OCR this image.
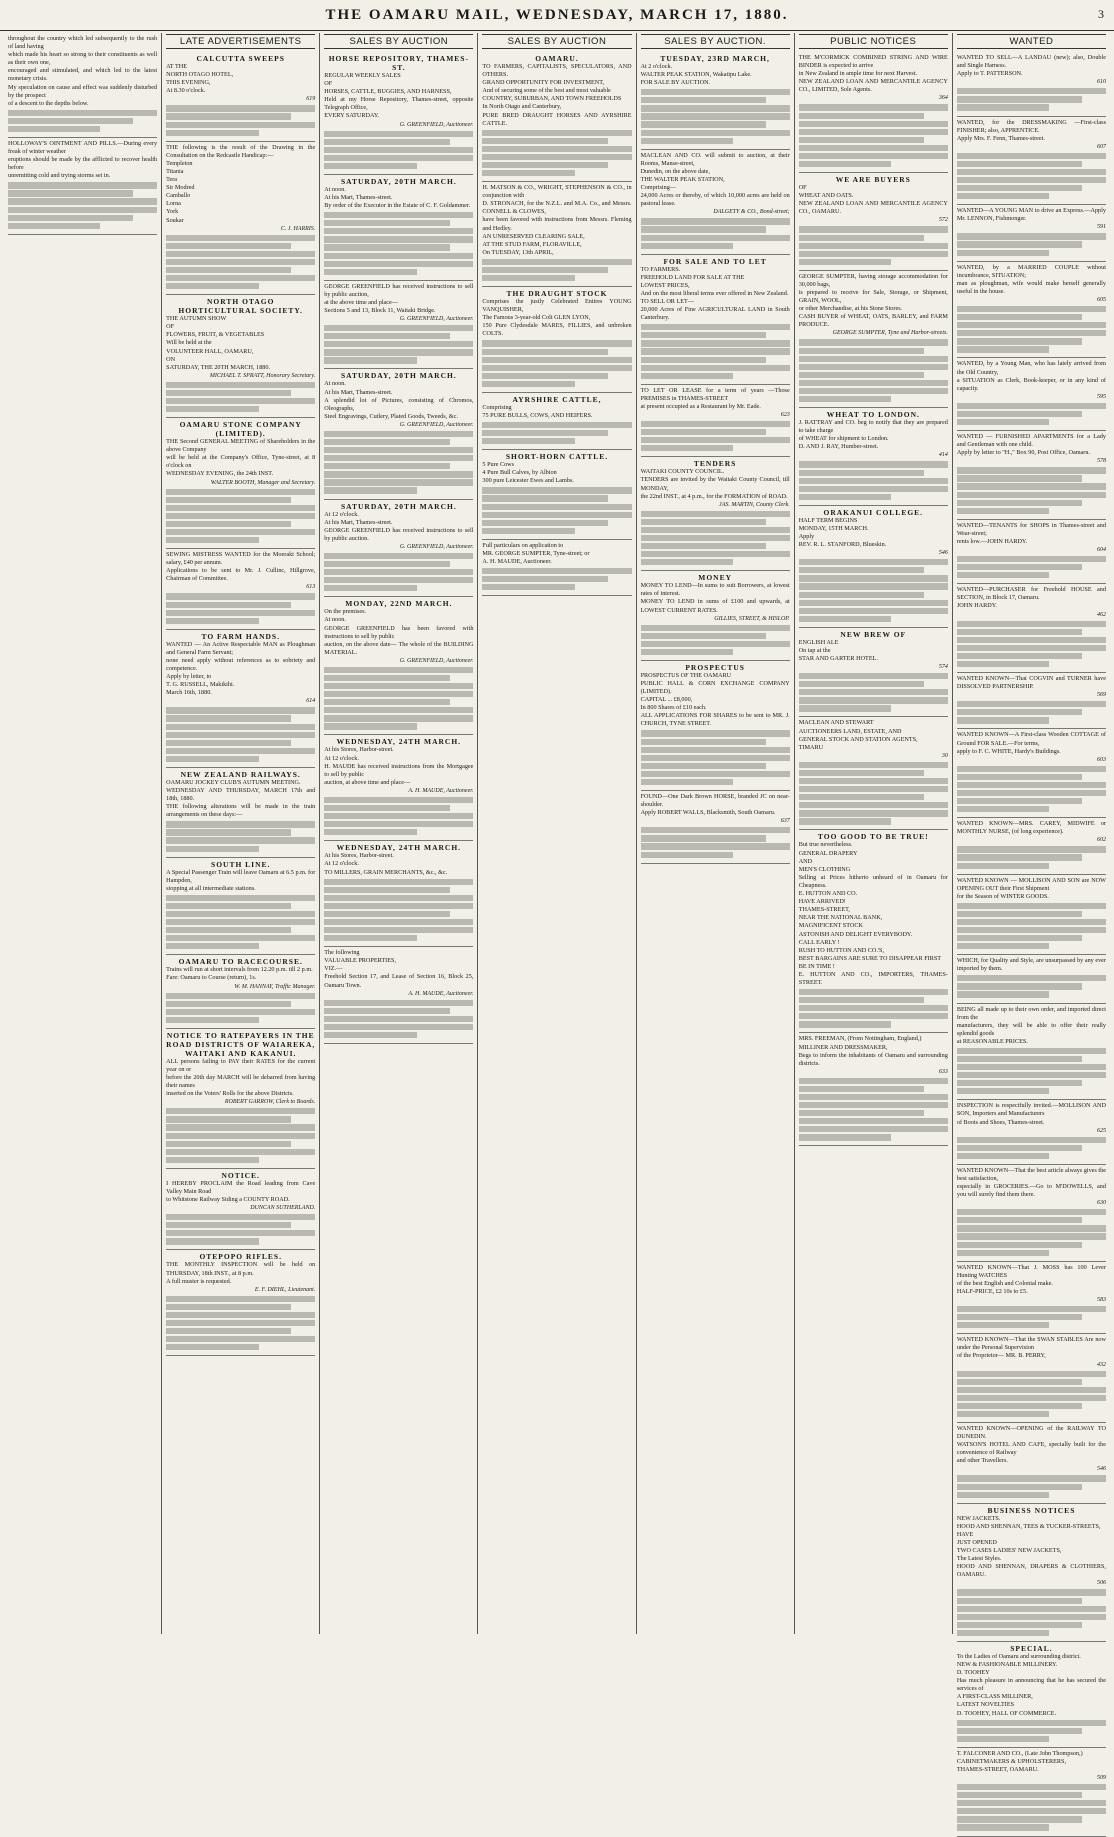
THE OAMARU MAIL, WEDNESDAY, MARCH 17, 1880.	3
throughout the country which led subsequently to the rush of land having
which made his heart so strong to their constituents as well as their own one,
encouraged and stimulated, and which led to the latest monetary crisis.
My speculation on cause and effect was suddenly disturbed by the prospect
of a descent to the depths below.
HOLLOWAY'S OINTMENT AND PILLS.—During every freak of winter weather
eruptions should be made by the afflicted to recover health before
unremitting cold and trying storms set in.
LATE ADVERTISEMENTS
CALCUTTA SWEEPS
AT THE
NORTH OTAGO HOTEL,
THIS EVENING,
At 8.30 o'clock.
619
THE following is the result of the Drawing in the Consultation on the Redcastle Handicap:—
Templeton
Titania
Tera
Sir Modred
Camballo
Lorna
York
Soukar
C. J. HARRIS.
NORTH OTAGO HORTICULTURAL SOCIETY.
THE AUTUMN SHOW
OF
FLOWERS, FRUIT, & VEGETABLES
Will be held at the
VOLUNTEER HALL, OAMARU,
ON
SATURDAY, THE 20TH MARCH, 1880.
MICHAEL T. SPRATT, Honorary Secretary.
OAMARU STONE COMPANY (LIMITED).
THE Second GENERAL MEETING of Shareholders in the above Company
will be held at the Company's Office, Tyne-street, at 8 o'clock on
WEDNESDAY EVENING, the 24th INST.
WALTER BOOTH, Manager and Secretary.
SEWING MISTRESS WANTED for the Moeraki School; salary, £40 per annum.
Applications to be sent to Mr. J. Cullinc, Hillgrove, Chairman of Committee.
613
TO FARM HANDS.
WANTED — An Active Respectable MAN as Ploughman and General Farm Servant;
none need apply without references as to sobriety and competence.
Apply by letter, to
T. G. RUSSELL, Makikihi.
March 16th, 1880.
614
NEW ZEALAND RAILWAYS.
OAMARU JOCKEY CLUB'S AUTUMN MEETING.
WEDNESDAY AND THURSDAY, MARCH 17th and 18th, 1880.
THE following alterations will be made in the train arrangements on these days:—
SOUTH LINE.
A Special Passenger Train will leave Oamaru at 6.5 p.m. for Hampden,
stopping at all intermediate stations.
OAMARU TO RACECOURSE.
Trains will run at short intervals from 12.20 p.m. till 2 p.m.
Fare: Oamaru to Course (return), 1s.
W. M. HANNAY, Traffic Manager.
NOTICE TO RATEPAYERS IN THE ROAD DISTRICTS OF WAIAREKA, WAITAKI AND KAKANUI.
ALL persons failing to PAY their RATES for the current year on or
before the 20th day MARCH will be debarred from having their names
inserted on the Voters' Rolls for the above Districts.
ROBERT GARROW, Clerk to Boards.
NOTICE.
I HEREBY PROCLAIM the Road leading from Cave Valley Main Road
to Whitstone Railway Siding a COUNTY ROAD.
DUNCAN SUTHERLAND.
OTEPOPO RIFLES.
THE MONTHLY INSPECTION will be held on THURSDAY, 18th INST., at 8 p.m.
A full muster is requested.
E. F. DIEHL, Lieutenant.
SALES BY AUCTION
HORSE REPOSITORY, THAMES-ST.
REGULAR WEEKLY SALES
OF
HORSES, CATTLE, BUGGIES, AND HARNESS,
Held at my Horse Repository, Thames-street, opposite Telegraph Office,
EVERY SATURDAY.
G. GREENFIELD, Auctioneer.
SATURDAY, 20TH MARCH.
At noon.
At his Mart, Thames-street.
By order of the Executor in the Estate of C. F. Goldammer.
GEORGE GREENFIELD has received instructions to sell by public auction,
at the above time and place—
Sections 5 and 13, Block 11, Waitaki Bridge.
G. GREENFIELD, Auctioneer.
SATURDAY, 20TH MARCH.
At noon.
At his Mart, Thames-street.
A splendid lot of Pictures, consisting of Chromos, Oleographs,
Steel Engravings, Cutlery, Plated Goods, Tweeds, &c.
G. GREENFIELD, Auctioneer.
SATURDAY, 20TH MARCH.
At 12 o'clock.
At his Mart, Thames-street.
GEORGE GREENFIELD has received instructions to sell by public auction.
G. GREENFIELD, Auctioneer.
MONDAY, 22ND MARCH.
On the premises.
At noon.
GEORGE GREENFIELD has been favored with instructions to sell by public
auction, on the above date— The whole of the BUILDING MATERIAL.
G. GREENFIELD, Auctioneer.
WEDNESDAY, 24TH MARCH.
At his Stores, Harbor-street.
At 12 o'clock.
H. MAUDE has received instructions from the Mortgagee to sell by public
auction, at above time and place—
A. H. MAUDE, Auctioneer.
WEDNESDAY, 24TH MARCH.
At his Stores, Harbor-street.
At 12 o'clock.
TO MILLERS, GRAIN MERCHANTS, &c., &c.
The following
VALUABLE PROPERTIES,
VIZ.—
Freehold Section 17, and Lease of Section 16, Block 25, Oamaru Town.
A. H. MAUDE, Auctioneer.
SALES BY AUCTION
OAMARU.
TO FARMERS, CAPITALISTS, SPECULATORS, AND OTHERS.
GRAND OPPORTUNITY FOR INVESTMENT,
And of securing some of the best and most valuable
COUNTRY, SUBURBAN, AND TOWN FREEHOLDS
In North Otago and Canterbury,
PURE BRED DRAUGHT HORSES AND AYRSHIRE CATTLE.
H. MATSON & CO., WRIGHT, STEPHENSON & CO., in conjunction with
D. STRONACH, for the N.Z.L. and M.A. Co., and Messrs. CONNELL & CLOWES,
have been favored with instructions from Messrs. Fleming and Hedley.
AN UNRESERVED CLEARING SALE,
AT THE STUD FARM, FLORAVILLE,
On TUESDAY, 13th APRIL,
THE DRAUGHT STOCK
Comprises the justly Celebrated Entires YOUNG VANQUISHER,
The Famous 3-year-old Colt GLEN LYON,
150 Pure Clydesdale MARES, FILLIES, and unbroken COLTS.
AYRSHIRE CATTLE,
Comprising
75 PURE BULLS, COWS, AND HEIFERS.
SHORT-HORN CATTLE.
5 Pure Cows
4 Pure Bull Calves, by Albion
300 pure Leicester Ewes and Lambs.
Full particulars on application to
MR. GEORGE SUMPTER, Tyne-street; or
A. H. MAUDE, Auctioneer.
SALES BY AUCTION.
TUESDAY, 23RD MARCH,
At 2 o'clock.
WALTER PEAK STATION, Wakatipu Lake.
FOR SALE BY AUCTION.
MACLEAN AND CO. will submit to auction, at their Rooms, Manse-street,
Dunedin, on the above date,
THE WALTER PEAK STATION,
Comprising—
24,000 Acres or thereby, of which 10,000 acres are held on pastoral lease.
DALGETY & CO., Bond-street;
FOR SALE AND TO LET
TO FARMERS.
FREEHOLD LAND FOR SALE AT THE
LOWEST PRICES,
And on the most liberal terms ever offered in New Zealand.
TO SELL OR LET—
20,000 Acres of Fine AGRICULTURAL LAND in South Canterbury.
TO LET OR LEASE for a term of years —Those PREMISES in THAMES-STREET
at present occupied as a Restaurant by Mr. Eade.
623
TENDERS
WAITAKI COUNTY COUNCIL.
TENDERS are invited by the Waitaki County Council, till MONDAY,
the 22nd INST., at 4 p.m., for the FORMATION of ROAD.
JAS. MARTIN, County Clerk.
MONEY
MONEY TO LEND—In sums to suit Borrowers, at lowest rates of interest.
MONEY TO LEND in sums of £100 and upwards, at LOWEST CURRENT RATES.
GILLIES, STREET, & HISLOP.
PROSPECTUS
PROSPECTUS OF THE OAMARU
PUBLIC HALL & CORN EXCHANGE COMPANY (LIMITED).
CAPITAL ... £8,000,
In 800 Shares of £10 each.
ALL APPLICATIONS FOR SHARES to be sent to MR. J. CHURCH, TYNE STREET.
FOUND—One Dark Brown HORSE, branded JC on near-shoulder.
Apply ROBERT WALLS, Blacksmith, South Oamaru.
637
PUBLIC NOTICES
THE M'CORMICK COMBINED STRING AND WIRE BINDER is expected to arrive
in New Zealand in ample time for next Harvest.
NEW ZEALAND LOAN AND MERCANTILE AGENCY CO., LIMITED, Sole Agents.
364
WE ARE BUYERS
OF
WHEAT AND OATS.
NEW ZEALAND LOAN AND MERCANTILE AGENCY CO., OAMARU.
572
GEORGE SUMPTER, having storage accommodation for 30,000 bags,
is prepared to receive for Sale, Storage, or Shipment, GRAIN, WOOL,
or other Merchandise, at his Stone Stores.
CASH BUYER of WHEAT, OATS, BARLEY, and FARM PRODUCE.
GEORGE SUMPTER, Tyne and Harbor-streets.
WHEAT TO LONDON.
J. RATTRAY and CO. beg to notify that they are prepared to take charge
of WHEAT for shipment to London.
D. AND J. RAY, Humber-street.
414
ORAKANUI COLLEGE.
HALF TERM BEGINS
MONDAY, 15TH MARCH.
Apply
REV. R. L. STANFORD, Blueskin.
546
NEW BREW OF
ENGLISH ALE
On tap at the
STAR AND GARTER HOTEL.
574
MACLEAN AND STEWART
AUCTIONEERS LAND, ESTATE, AND
GENERAL STOCK AND STATION AGENTS,
TIMARU
30
TOO GOOD TO BE TRUE!
But true nevertheless.
GENERAL DRAPERY
AND
MEN'S CLOTHING
Selling at Prices hitherto unheard of in Oamaru for Cheapness.
E. HUTTON AND CO.
HAVE ARRIVED!
THAMES-STREET,
NEAR THE NATIONAL BANK,
MAGNIFICENT STOCK
ASTONISH AND DELIGHT EVERYBODY.
CALL EARLY !
RUSH TO HUTTON AND CO.'S,
BEST BARGAINS ARE SURE TO DISAPPEAR FIRST
BE IN TIME !
E. HUTTON AND CO., IMPORTERS, THAMES-STREET.
MRS. FREEMAN, (From Nottingham, England,)
MILLINER AND DRESSMAKER,
Begs to inform the inhabitants of Oamaru and surrounding districts.
633
WANTED
WANTED TO SELL—A LANDAU (new); also, Double and Single Harness.
Apply to T. PATTERSON.
610
WANTED, for the DRESSMAKING —First-class FINISHER; also, APPRENTICE.
Apply Mrs. F. Fenn, Thames-street.
607
WANTED—A YOUNG MAN to drive an Express.—Apply Mr. LENNON, Fishmonger.
591
WANTED, by a MARRIED COUPLE without incumbrance, SITUATION;
man as ploughman, wife would make herself generally useful in the house.
605
WANTED, by a Young Man, who has lately arrived from the Old Country,
a SITUATION as Clerk, Book-keeper, or in any kind of capacity.
595
WANTED — FURNISHED APARTMENTS for a Lady and Gentleman with one child.
Apply by letter to "H.," Box 90, Post Office, Oamaru.
578
WANTED—TENANTS for SHOPS in Thames-street and Wear-street;
rents low.—JOHN HARDY.
604
WANTED—PURCHASER for Freehold HOUSE and SECTION, in Block 17, Oamaru.
JOHN HARDY.
462
WANTED KNOWN—That COGVIN and TURNER have DISSOLVED PARTNERSHIP.
569
WANTED KNOWN—A First-class Wooden COTTAGE of Ground FOR SALE.—For terms,
apply to F. C. WHITE, Hardy's Buildings.
603
WANTED KNOWN—MRS. CAREY, MIDWIFE or MONTHLY NURSE, (of long experience).
602
WANTED KNOWN — MOLLISON AND SON are NOW OPENING OUT their First Shipment
for the Season of WINTER GOODS.
WHICH, for Quality and Style, are unsurpassed by any ever imported by them.
BEING all made up to their own order, and imported direct from the
manufacturers, they will be able to offer their really splendid goods
at REASONABLE PRICES.
INSPECTION is respectfully invited.—MOLLISON AND SON, Importers and Manufacturers
of Boots and Shoes, Thames-street.
625
WANTED KNOWN—That the best article always gives the best satisfaction,
especially in GROCERIES.—Go to M'DOWELLS, and you will surely find them there.
630
WANTED KNOWN—That J. MOSS has 100 Lever Hunting WATCHES
of the best English and Colonial make.
HALF-PRICE, £2 10s to £5.
583
WANTED KNOWN—That the SWAN STABLES Are now under the Personal Supervision
of the Proprietor— MR. B. PERRY,
432
WANTED KNOWN—OPENING of the RAILWAY TO DUNEDIN.
WATSON'S HOTEL AND CAFE, specially built for the convenience of Railway
and other Travellers.
546
BUSINESS NOTICES
NEW JACKETS.
HOOD AND SHENNAN, TEES & TUCKER-STREETS,
HAVE
JUST OPENED
TWO CASES LADIES' NEW JACKETS,
The Latest Styles.
HOOD AND SHENNAN, DRAPERS & CLOTHIERS, OAMARU.
506
SPECIAL.
To the Ladies of Oamaru and surrounding district.
NEW & FASHIONABLE MILLINERY.
D. TOOHEY
Has much pleasure in announcing that he has secured the services of
A FIRST-CLASS MILLINER,
LATEST NOVELTIES
D. TOOHEY, HALL OF COMMERCE.
T. FALCONER AND CO., (Late John Thompson,)
CABINETMAKERS & UPHOLSTERERS,
THAMES-STREET, OAMARU.
509
